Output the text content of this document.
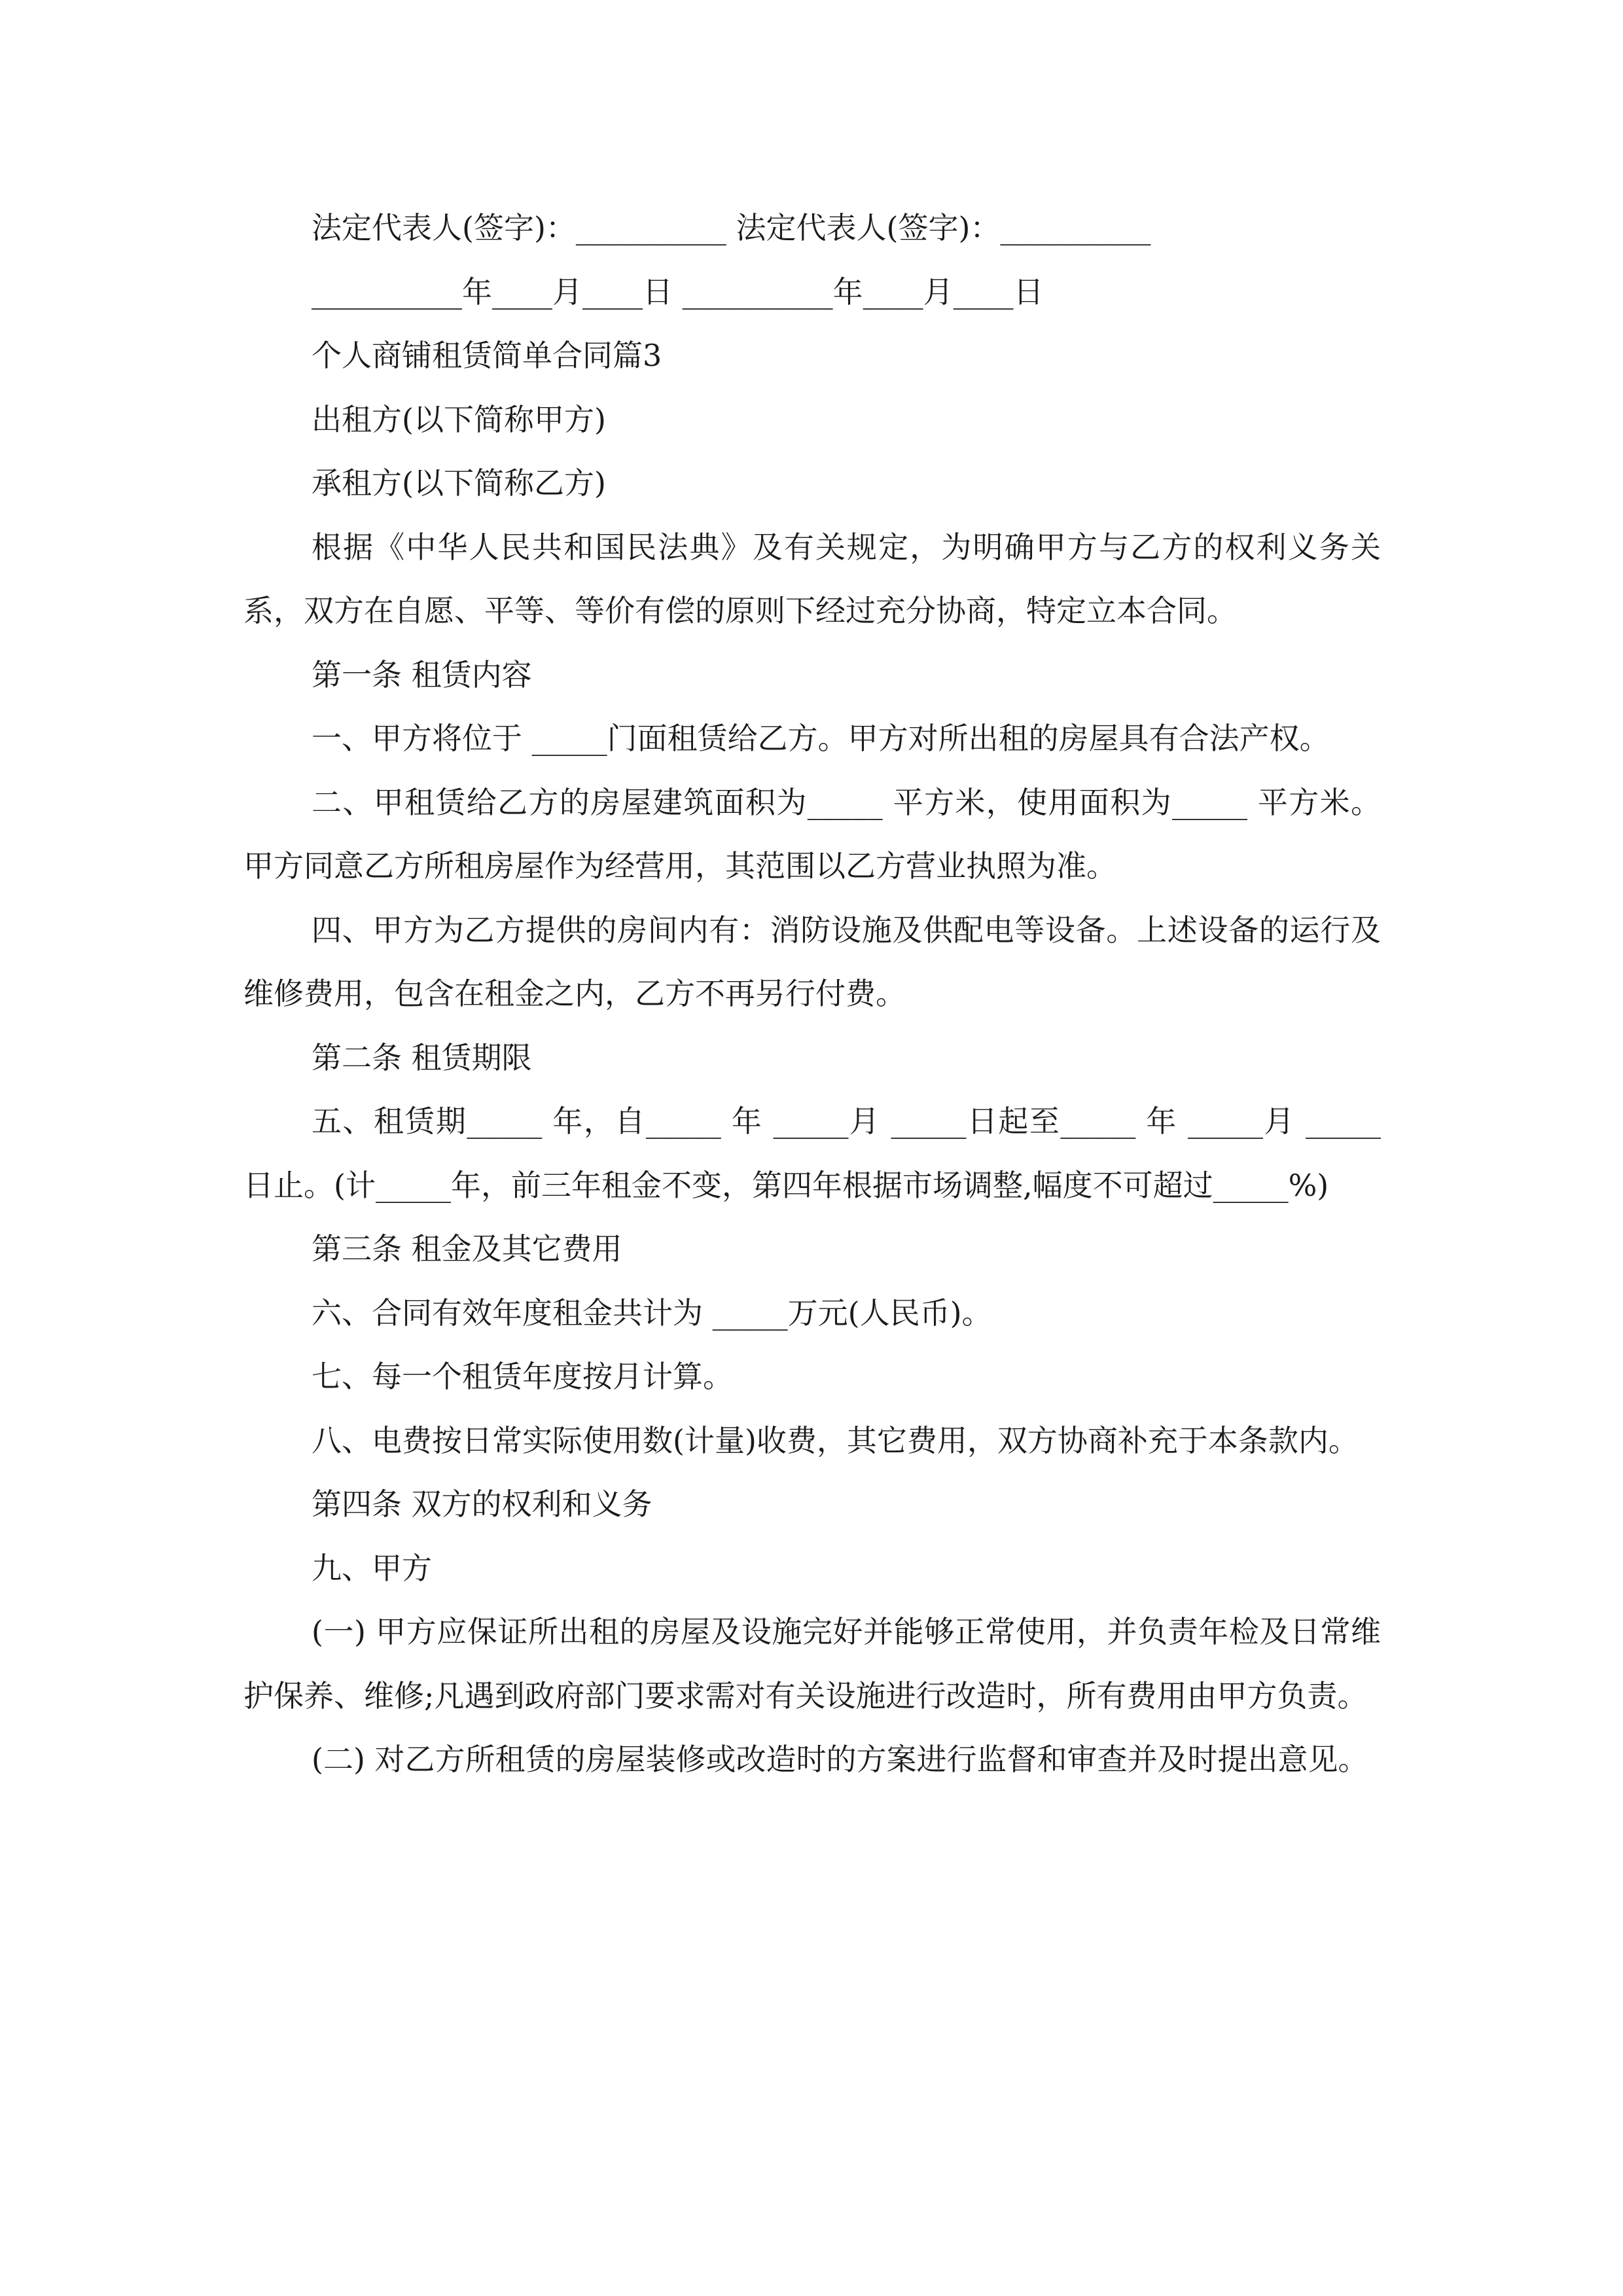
法定代表人(签字)：__________ 法定代表人(签字)：__________
__________年____月____日 __________年____月____日
个人商铺租赁简单合同篇3
出租方(以下简称甲方)
承租方(以下简称乙方)

根据《中华人民共和国民法典》及有关规定，为明确甲方与乙方的权利义务关系，双方在自愿、平等、等价有偿的原则下经过充分协商，特定立本合同。

第一条 租赁内容

一、甲方将位于 _____门面租赁给乙方。甲方对所出租的房屋具有合法产权。

二、甲租赁给乙方的房屋建筑面积为_____ 平方米，使用面积为_____ 平方米。甲方同意乙方所租房屋作为经营用，其范围以乙方营业执照为准。

四、甲方为乙方提供的房间内有：消防设施及供配电等设备。上述设备的运行及维修费用，包含在租金之内，乙方不再另行付费。

第二条 租赁期限

五、租赁期_____ 年，自_____ 年 _____月 _____日起至_____ 年 _____月 _____ 日止。(计_____年，前三年租金不变，第四年根据市场调整,幅度不可超过_____%)

第三条 租金及其它费用

六、合同有效年度租金共计为 _____万元(人民币)。

七、每一个租赁年度按月计算。

八、电费按日常实际使用数(计量)收费，其它费用，双方协商补充于本条款内。

第四条 双方的权利和义务
九、甲方

(一) 甲方应保证所出租的房屋及设施完好并能够正常使用，并负责年检及日常维护保养、维修;凡遇到政府部门要求需对有关设施进行改造时，所有费用由甲方负责。

(二) 对乙方所租赁的房屋装修或改造时的方案进行监督和审查并及时提出意见。
